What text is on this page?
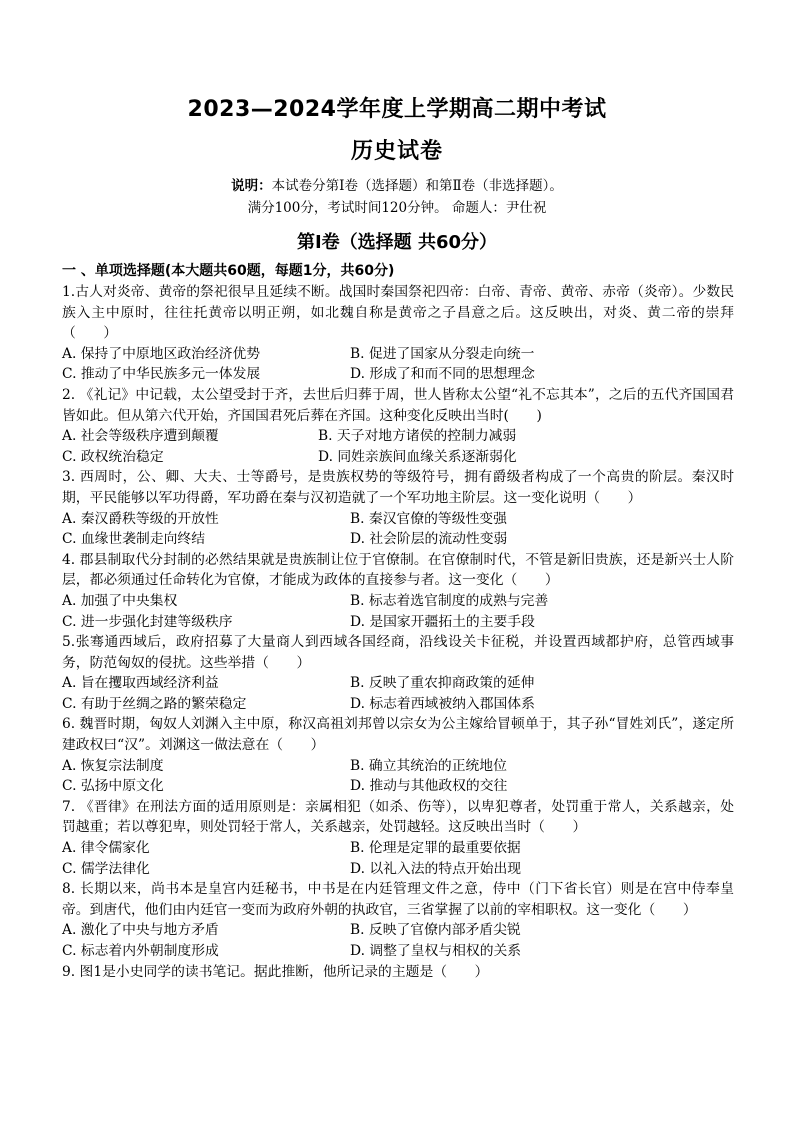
2023—2024学年度上学期高二期中考试
历史试卷
说明：本试卷分第Ⅰ卷（选择题）和第Ⅱ卷（非选择题）。
满分100分，考试时间120分钟。 命题人：尹仕祝
第Ⅰ卷（选择题 共60分）
一 、单项选择题(本大题共60题，每题1分，共60分)
1.古人对炎帝、黄帝的祭祀很早且延续不断。战国时秦国祭祀四帝：白帝、青帝、黄帝、赤帝（炎帝）。少数民族入主中原时，往往托黄帝以明正朔，如北魏自称是黄帝之子昌意之后。这反映出，对炎、黄二帝的崇拜（　　）
A. 保持了中原地区政治经济优势	B. 促进了国家从分裂走向统一
C. 推动了中华民族多元一体发展	D. 形成了和而不同的思想理念
2. 《礼记》中记载，太公望受封于齐，去世后归葬于周，世人皆称太公望“礼不忘其本”，之后的五代齐国国君皆如此。但从第六代开始，齐国国君死后葬在齐国。这种变化反映出当时(　　)
A. 社会等级秩序遭到颠覆	B. 天子对地方诸侯的控制力减弱
C. 政权统治稳定	D. 同姓亲族间血缘关系逐渐弱化
3. 西周时，公、卿、大夫、士等爵号，是贵族权势的等级符号，拥有爵级者构成了一个高贵的阶层。秦汉时期，平民能够以军功得爵，军功爵在秦与汉初造就了一个军功地主阶层。这一变化说明（　　）
A. 秦汉爵秩等级的开放性	B. 秦汉官僚的等级性变强
C. 血缘世袭制走向终结	D. 社会阶层的流动性变弱
4. 郡县制取代分封制的必然结果就是贵族制让位于官僚制。在官僚制时代，不管是新旧贵族，还是新兴士人阶层，都必须通过任命转化为官僚，才能成为政体的直接参与者。这一变化（　　）
A. 加强了中央集权	B. 标志着选官制度的成熟与完善
C. 进一步强化封建等级秩序	D. 是国家开疆拓土的主要手段
5.张骞通西域后，政府招募了大量商人到西域各国经商，沿线设关卡征税，并设置西域都护府，总管西域事务，防范匈奴的侵扰。这些举措（　　）
A. 旨在攫取西域经济利益	B. 反映了重农抑商政策的延伸
C. 有助于丝绸之路的繁荣稳定	D. 标志着西域被纳入郡国体系
6. 魏晋时期，匈奴人刘渊入主中原，称汉高祖刘邦曾以宗女为公主嫁给冒顿单于，其子孙“冒姓刘氏”，遂定所建政权曰“汉”。刘渊这一做法意在（　　）
A. 恢复宗法制度	B. 确立其统治的正统地位
C. 弘扬中原文化	D. 推动与其他政权的交往
7. 《晋律》在刑法方面的适用原则是：亲属相犯（如杀、伤等），以卑犯尊者，处罚重于常人，关系越亲，处罚越重；若以尊犯卑，则处罚轻于常人，关系越亲，处罚越轻。这反映出当时（　　）
A. 律令儒家化	B. 伦理是定罪的最重要依据
C. 儒学法律化	D. 以礼入法的特点开始出现
8. 长期以来，尚书本是皇宫内廷秘书，中书是在内廷管理文件之意，侍中（门下省长官）则是在宫中侍奉皇帝。到唐代，他们由内廷官一变而为政府外朝的执政官，三省掌握了以前的宰相职权。这一变化（　　）
A. 激化了中央与地方矛盾	B. 反映了官僚内部矛盾尖锐
C. 标志着内外朝制度形成	D. 调整了皇权与相权的关系
9. 图1是小史同学的读书笔记。据此推断，他所记录的主题是（　　）
